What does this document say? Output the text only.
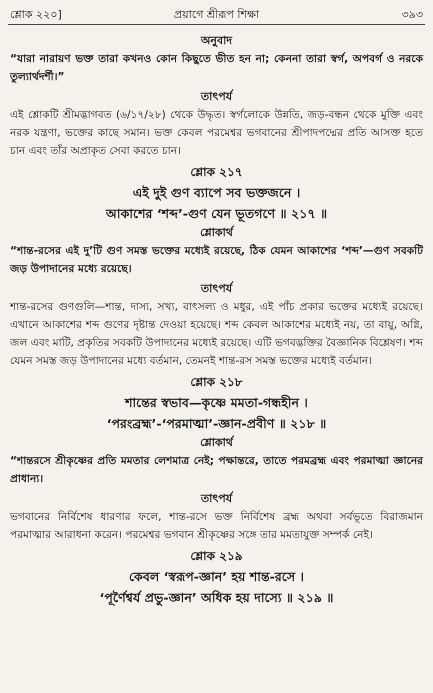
শ্লোক ২২০]	প্রয়াগে শ্রীরূপ শিক্ষা	৩৯৩
অনুবাদ
“যারা নারায়ণ ভক্ত তারা কখনও কোন কিছুতে ভীত হন না; কেননা তারা স্বর্গ, অপবর্গ ও নরকে তুল্যার্থদর্শী।”
তাৎপর্য
এই শ্লোকটি শ্রীমদ্ভাগবত (৬/১৭/২৮) থেকে উদ্ধৃত। স্বর্গলোকে উন্নতি, জড়-বন্ধন থেকে মুক্তি এবং নরক যন্ত্রণা, ভক্তের কাছে সমান। ভক্ত কেবল পরমেশ্বর ভগবানের শ্রীপাদপদ্মের প্রতি আসক্ত হতে চান এবং তাঁর অপ্রাকৃত সেবা করতে চান।
শ্লোক ২১৭
এই দুই গুণ ব্যাপে সব ভক্তজনে ।
আকাশের ‘শব্দ’-গুণ যেন ভূতগণে ॥ ২১৭ ॥
শ্লোকার্থ
“শান্ত-রসের এই দু’টি গুণ সমস্ত ভক্তের মধ্যেই রয়েছে, ঠিক যেমন আকাশের ‘শব্দ’—গুণ সবকটি জড় উপাদানের মধ্যে রয়েছে।
তাৎপর্য
শান্ত-রসের গুণগুলি—শান্ত, দাস্য, সখ্য, বাৎসল্য ও মধুর, এই পাঁচ প্রকার ভক্তের মধ্যেই রয়েছে। এখানে আকাশের শব্দ গুণের দৃষ্টান্ত দেওয়া হয়েছে। শব্দ কেবল আকাশের মধ্যেই নয়, তা বায়ু, অগ্নি, জল এবং মাটি, প্রকৃতির সবকটি উপাদানের মধ্যেই রয়েছে। এটি ভগবদ্ভক্তির বৈজ্ঞানিক বিশ্লেষণ। শব্দ যেমন সমস্ত জড় উপাদানের মধ্যে বর্তমান, তেমনই শান্ত-রস সমস্ত ভক্তের মধ্যেই বর্তমান।
শ্লোক ২১৮
শান্তের স্বভাব—কৃষ্ণে মমতা-গন্ধহীন ।
‘পরংব্রহ্ম’-‘পরমাত্মা’-জ্ঞান-প্রবীণ ॥ ২১৮ ॥
শ্লোকার্থ
“শান্তরসে শ্রীকৃষ্ণের প্রতি মমতার লেশমাত্র নেই; পক্ষান্তরে, তাতে পরমব্রহ্ম এবং পরমাত্মা জ্ঞানের প্রাধান্য।
তাৎপর্য
ভগবানের নির্বিশেষ ধারণার ফলে, শান্ত-রসে ভক্ত নির্বিশেষ ব্রহ্ম অথবা সর্বভূতে বিরাজমান পরমাত্মার আরাধনা করেন। পরমেশ্বর ভগবান শ্রীকৃষ্ণের সঙ্গে তার মমতাযুক্ত সম্পর্ক নেই।
শ্লোক ২১৯
কেবল ‘স্বরূপ-জ্ঞান’ হয় শান্ত-রসে ।
‘পূর্ণৈশ্বর্য প্রভু-জ্ঞান’ অধিক হয় দাস্যে ॥ ২১৯ ॥
